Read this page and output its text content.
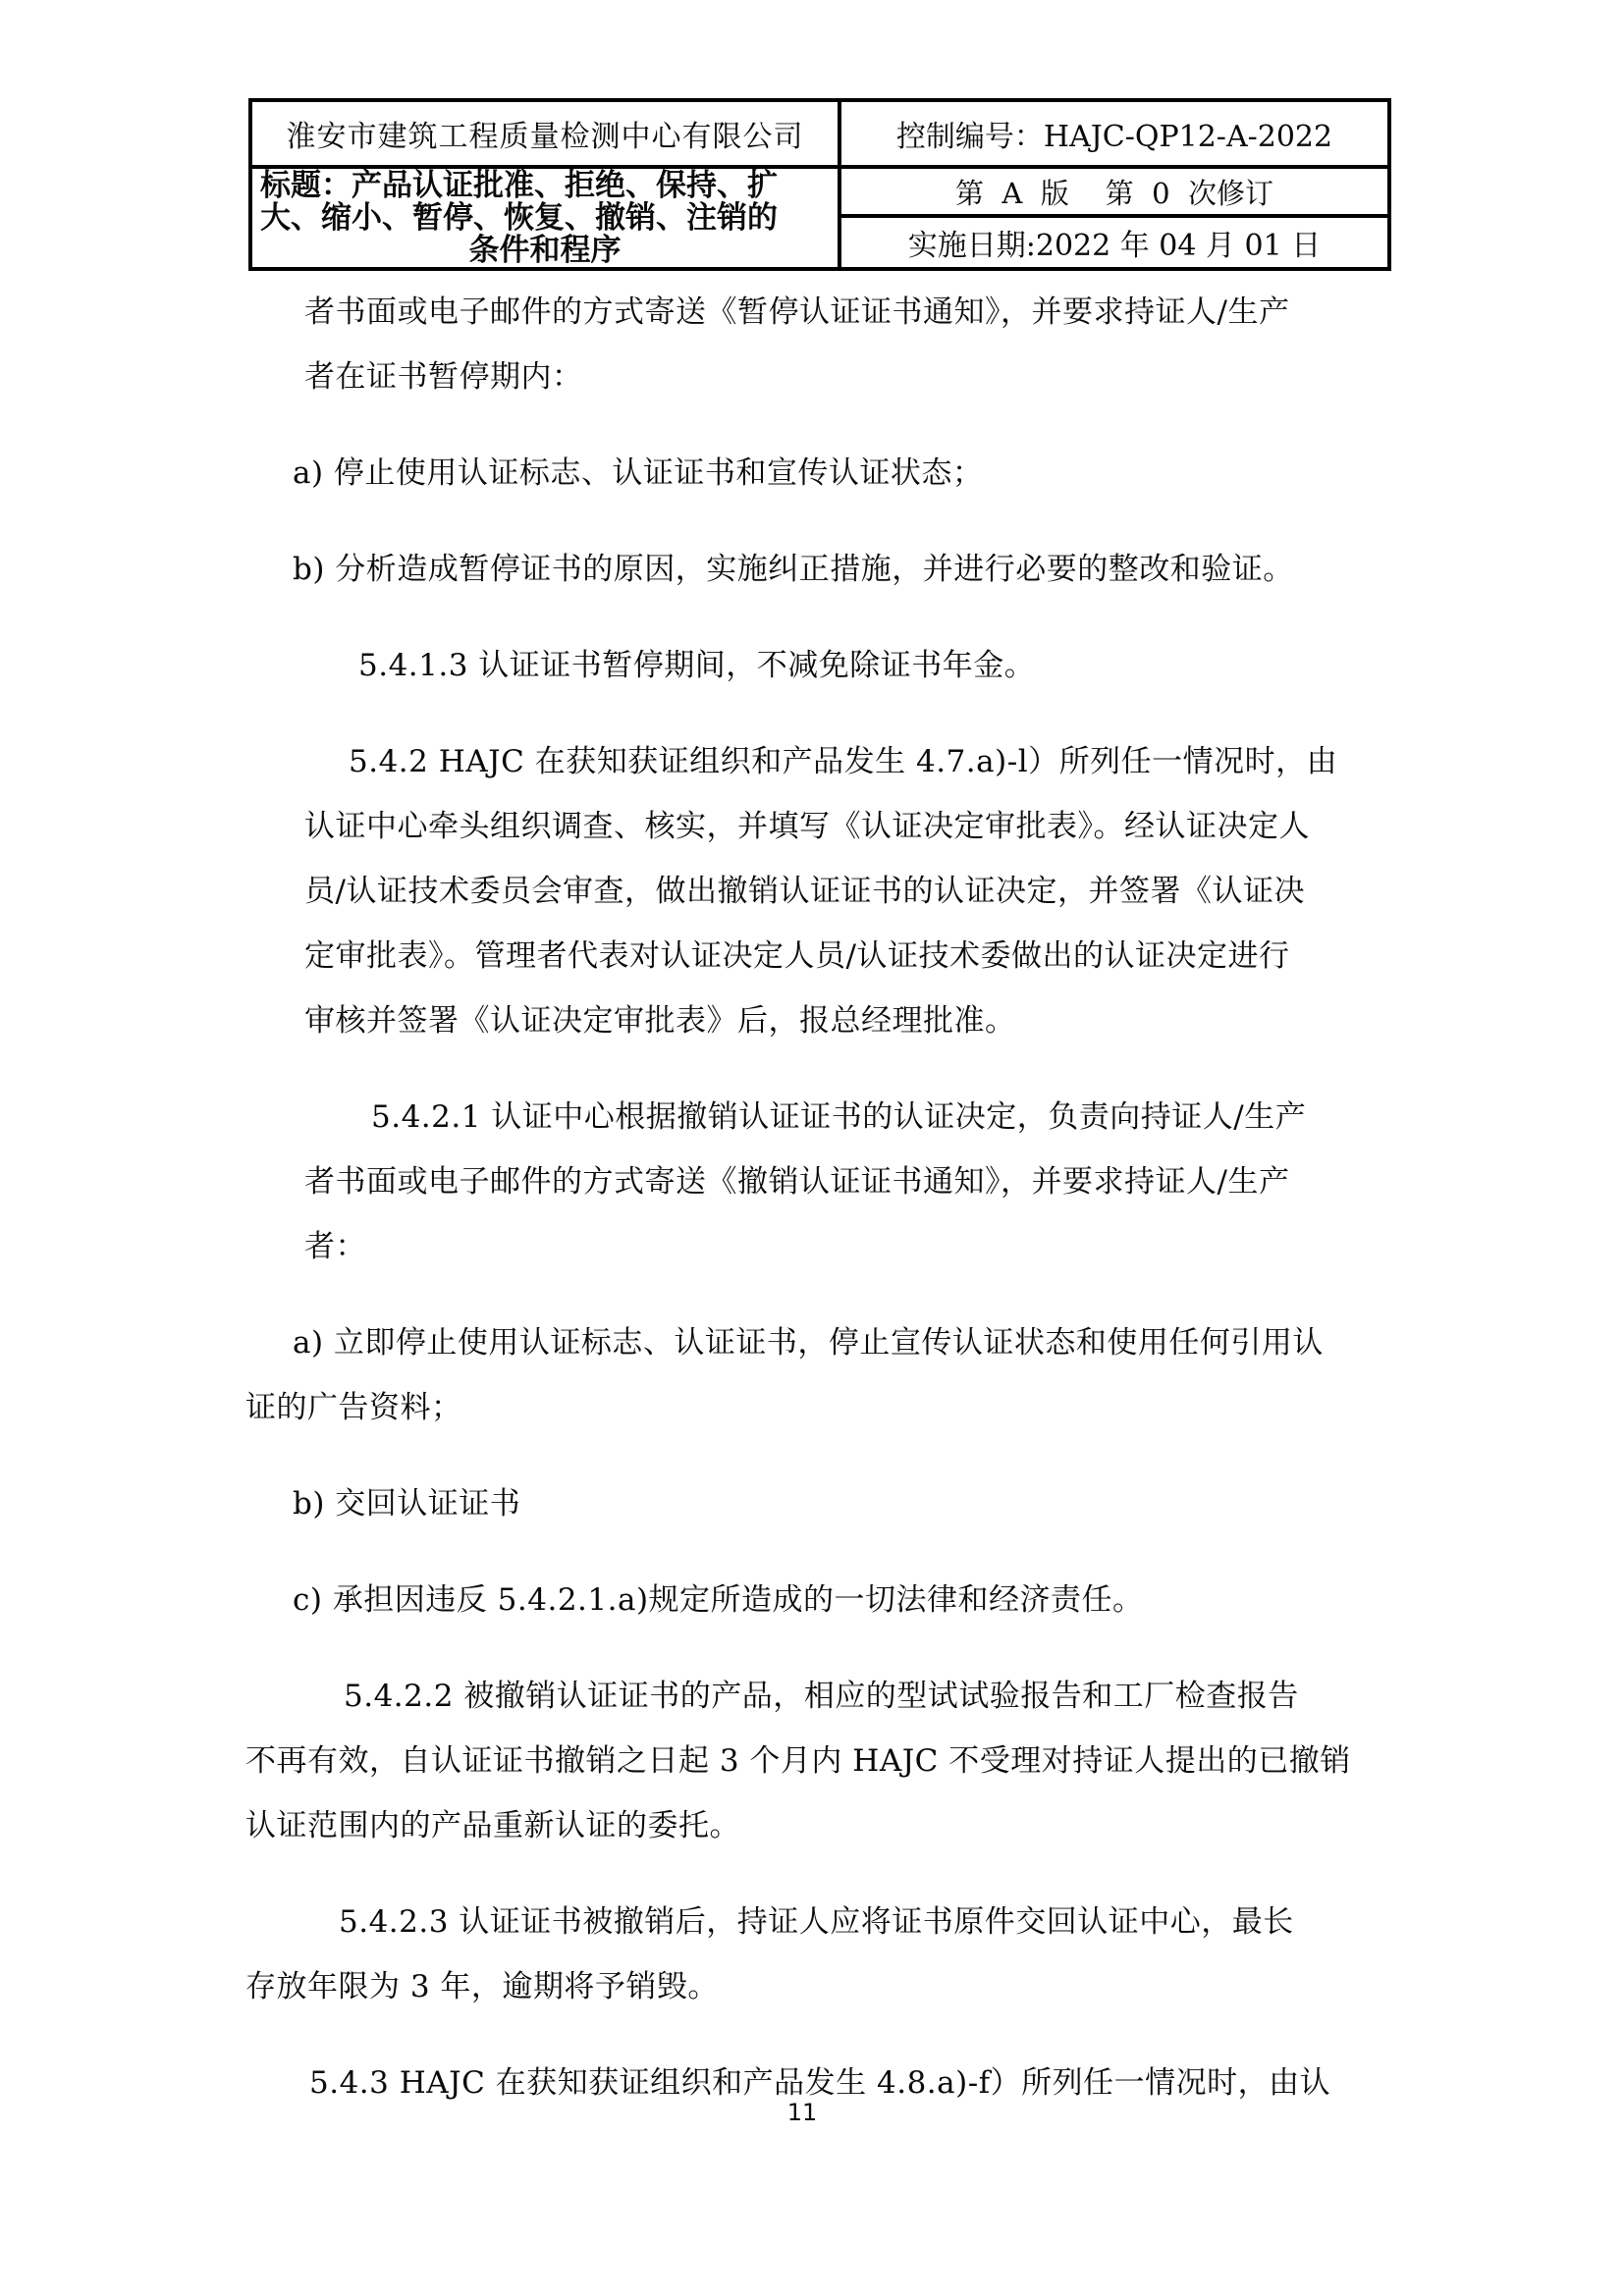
淮安市建筑工程质量检测中心有限公司
标题：产品认证批准、拒绝、保持、扩
大、缩小、暂停、恢复、撤销、注销的
条件和程序
控制编号：HAJC-QP12-A-2022
第  A  版    第  0  次修订
实施日期:2022 年 04 月 01 日
者书面或电子邮件的方式寄送《暂停认证证书通知》，并要求持证人/生产
者在证书暂停期内：
a) 停止使用认证标志、认证证书和宣传认证状态；
b) 分析造成暂停证书的原因，实施纠正措施，并进行必要的整改和验证。
5.4.1.3 认证证书暂停期间，不减免除证书年金。
5.4.2 HAJC 在获知获证组织和产品发生 4.7.a)-l）所列任一情况时，由
认证中心牵头组织调查、核实，并填写《认证决定审批表》。经认证决定人
员/认证技术委员会审查，做出撤销认证证书的认证决定，并签署《认证决
定审批表》。管理者代表对认证决定人员/认证技术委做出的认证决定进行
审核并签署《认证决定审批表》后，报总经理批准。
5.4.2.1 认证中心根据撤销认证证书的认证决定，负责向持证人/生产
者书面或电子邮件的方式寄送《撤销认证证书通知》，并要求持证人/生产
者：
a) 立即停止使用认证标志、认证证书，停止宣传认证状态和使用任何引用认
证的广告资料；
b) 交回认证证书
c) 承担因违反 5.4.2.1.a)规定所造成的一切法律和经济责任。
5.4.2.2 被撤销认证证书的产品，相应的型试试验报告和工厂检查报告
不再有效，自认证证书撤销之日起 3 个月内 HAJC 不受理对持证人提出的已撤销
认证范围内的产品重新认证的委托。
5.4.2.3 认证证书被撤销后，持证人应将证书原件交回认证中心，最长
存放年限为 3 年，逾期将予销毁。
5.4.3 HAJC 在获知获证组织和产品发生 4.8.a)-f）所列任一情况时，由认
11
